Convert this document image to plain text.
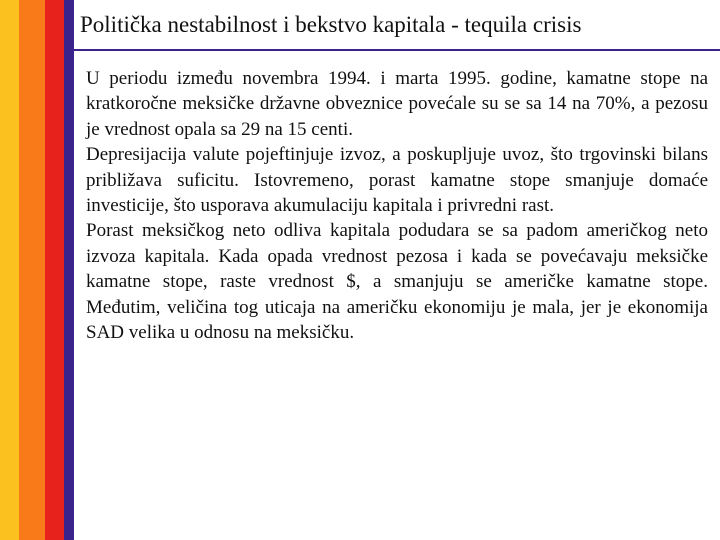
Politička nestabilnost i bekstvo kapitala - tequila crisis

U periodu između novembra 1994. i marta 1995. godine, kamatne stope na kratkoročne meksičke državne obveznice povećale su se sa 14 na 70%, a pezosu je vrednost opala sa 29 na 15 centi.

Depresijacija valute pojeftinjuje izvoz, a poskupljuje uvoz, što trgovinski bilans približava suficitu. Istovremeno, porast kamatne stope smanjuje domaće investicije, što usporava akumulaciju kapitala i privredni rast.

Porast meksičkog neto odliva kapitala podudara se sa padom američkog neto izvoza kapitala. Kada opada vrednost pezosa i kada se povećavaju meksičke kamatne stope, raste vrednost $, a smanjuju se američke kamatne stope. Međutim, veličina tog uticaja na američku ekonomiju je mala, jer je ekonomija SAD velika u odnosu na meksičku.
